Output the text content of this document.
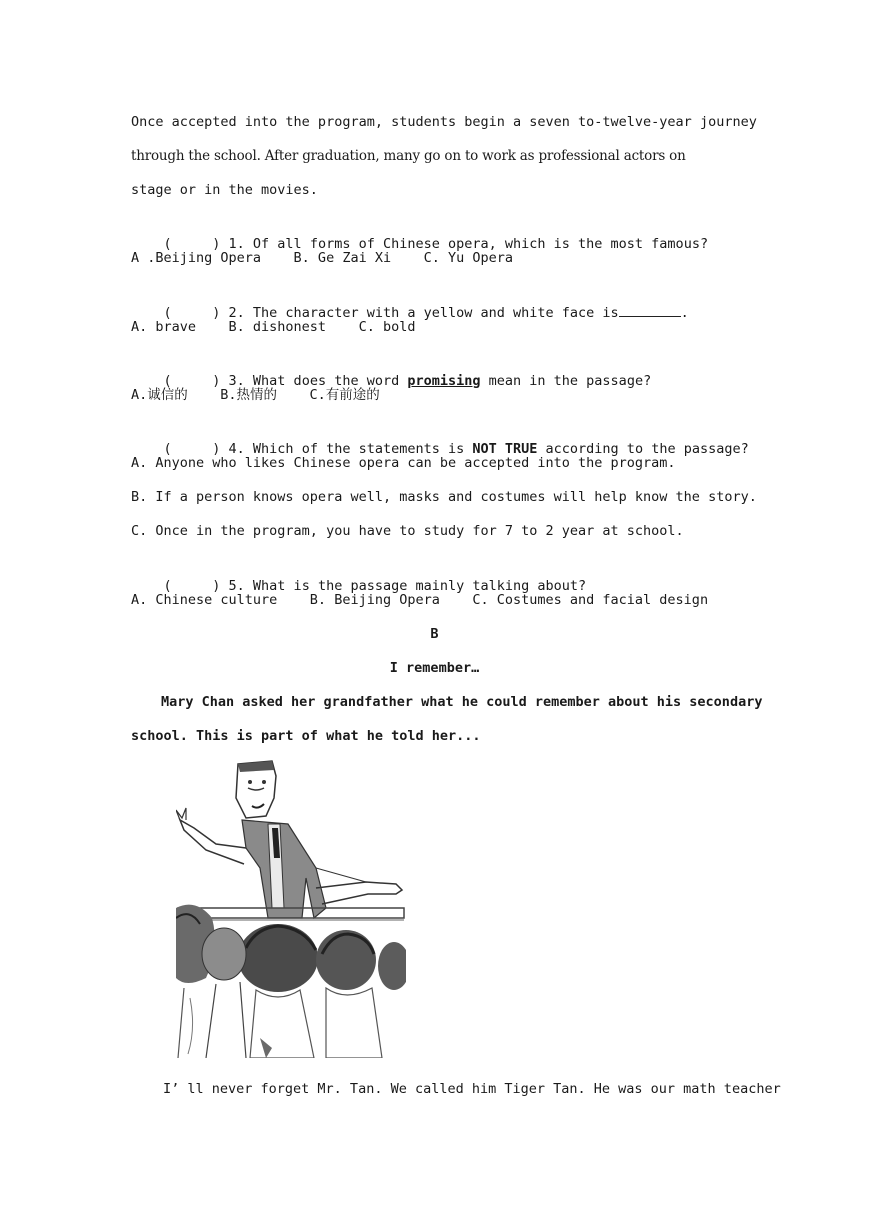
Once accepted into the program, students begin a seven to-twelve-year journey
through the school. After graduation, many go on to work as professional actors on
stage or in the movies.

(     ) 1. Of all forms of Chinese opera, which is the most famous?

A .Beijing Opera    B. Ge Zai Xi    C. Yu Opera

(     ) 2. The character with a yellow and white face is	.

A. brave    B. dishonest    C. bold

(     ) 3. What does the word promising mean in the passage?

A.诚信的    B.热情的    C.有前途的

(     ) 4. Which of the statements is NOT TRUE according to the passage?

A. Anyone who likes Chinese opera can be accepted into the program.
B. If a person knows opera well, masks and costumes will help know the story.
C. Once in the program, you have to study for 7 to 2 year at school.

(     ) 5. What is the passage mainly talking about?

A. Chinese culture    B. Beijing Opera    C. Costumes and facial design
B
I remember…
Mary Chan asked her grandfather what he could remember about his secondary
school. This is part of what he told her...
I’ ll never forget Mr. Tan. We called him Tiger Tan. He was our math teacher
